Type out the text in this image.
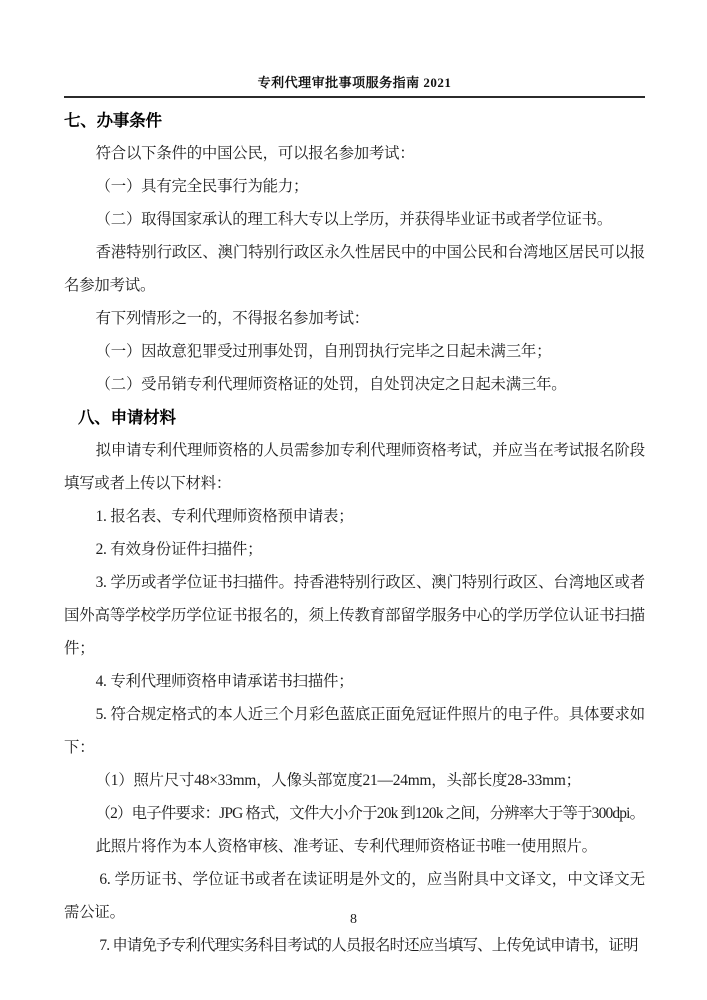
专利代理审批事项服务指南 2021
七、办事条件

符合以下条件的中国公民，可以报名参加考试：

（一）具有完全民事行为能力；

（二）取得国家承认的理工科大专以上学历，并获得毕业证书或者学位证书。

香港特别行政区、澳门特别行政区永久性居民中的中国公民和台湾地区居民可以报名参加考试。

有下列情形之一的，不得报名参加考试：

（一）因故意犯罪受过刑事处罚，自刑罚执行完毕之日起未满三年；

（二）受吊销专利代理师资格证的处罚，自处罚决定之日起未满三年。

八、申请材料

拟申请专利代理师资格的人员需参加专利代理师资格考试，并应当在考试报名阶段填写或者上传以下材料：

1. 报名表、专利代理师资格预申请表；

2. 有效身份证件扫描件；

3. 学历或者学位证书扫描件。持香港特别行政区、澳门特别行政区、台湾地区或者国外高等学校学历学位证书报名的，须上传教育部留学服务中心的学历学位认证书扫描件；

4. 专利代理师资格申请承诺书扫描件；

5. 符合规定格式的本人近三个月彩色蓝底正面免冠证件照片的电子件。具体要求如下：

（1）照片尺寸48×33mm，人像头部宽度21—24mm，头部长度28-33mm；

（2）电子件要求：JPG 格式，文件大小介于20k 到120k 之间，分辨率大于等于300dpi。

此照片将作为本人资格审核、准考证、专利代理师资格证书唯一使用照片。

6. 学历证书、学位证书或者在读证明是外文的，应当附具中文译文，中文译文无需公证。

7. 申请免予专利代理实务科目考试的人员报名时还应当填写、上传免试申请书，证明

8
